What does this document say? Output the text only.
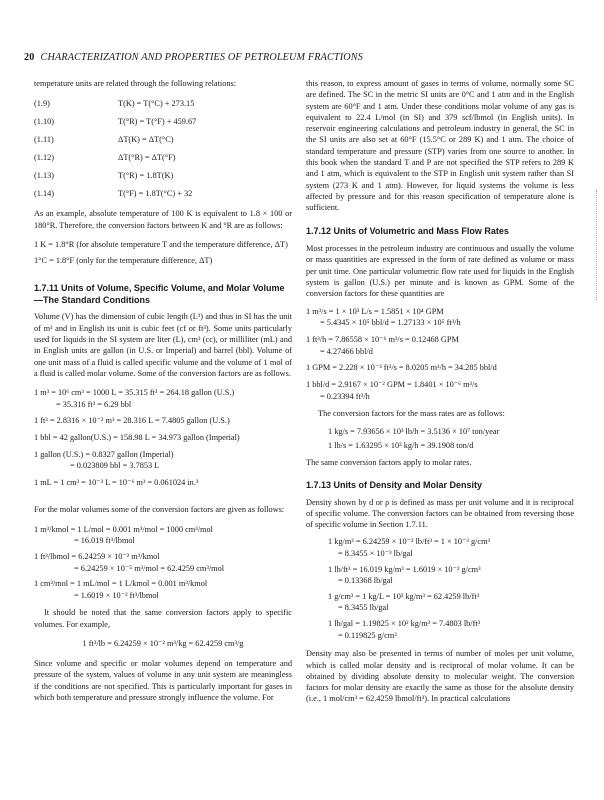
20 CHARACTERIZATION AND PROPERTIES OF PETROLEUM FRACTIONS

temperature units are related through the following relations:

(1.9)	T(K) = T(°C) + 273.15
(1.10)	T(°R) = T(°F) + 459.67
(1.11)	ΔT(K) = ΔT(°C)
(1.12)	ΔT(°R) = ΔT(°F)
(1.13)	T(°R) = 1.8T(K)
(1.14)	T(°F) = 1.8T(°C) + 32

As an example, absolute temperature of 100 K is equivalent to 1.8 × 100 or 180°R. Therefore, the conversion factors between K and °R are as follows:

1 K = 1.8°R (for absolute temperature T and the temperature difference, ΔT)

1°C = 1.8°F (only for the temperature difference, ΔT)

1.7.11 Units of Volume, Specific Volume, and Molar Volume—The Standard Conditions

Volume (V) has the dimension of cubic length (L³) and thus in SI has the unit of m³ and in English its unit is cubic feet (cf or ft³). Some units particularly used for liquids in the SI system are liter (L), cm³ (cc), or milliliter (mL) and in English units are gallon (in U.S. or Imperial) and barrel (bbl). Volume of one unit mass of a fluid is called specific volume and the volume of 1 mol of a fluid is called molar volume. Some of the conversion factors are as follows.

1 m³ = 10⁶ cm³ = 1000 L = 35.315 ft³ = 264.18 gallon (U.S.)
= 35.316 ft³ = 6.29 bbl
1 ft³ = 2.8316 × 10⁻² m³ = 28.316 L = 7.4805 gallon (U.S.)
1 bbl = 42 gallon(U.S.) = 158.98 L = 34.973 gallon (Imperial)
1 gallon (U.S.) = 0.8327 gallon (Imperial)
= 0.023809 bbl = 3.7853 L
1 mL = 1 cm³ = 10⁻³ L = 10⁻⁶ m³ = 0.061024 in.³

For the molar volumes some of the conversion factors are given as follows:

1 m³/kmol = 1 L/mol = 0.001 m³/mol = 1000 cm³/mol
= 16.019 ft³/lbmol
1 ft³/lbmol = 6.24259 × 10⁻² m³/kmol
= 6.24259 × 10⁻⁵ m³/mol = 62.4259 cm³/mol
1 cm³/mol = 1 mL/mol = 1 L/kmol = 0.001 m³/kmol
= 1.6019 × 10⁻² ft³/lbmol

It should be noted that the same conversion factors apply to specific volumes. For example,

1 ft³/lb = 6.24259 × 10⁻² m³/kg = 62.4259 cm³/g

Since volume and specific or molar volumes depend on temperature and pressure of the system, values of volume in any unit system are meaningless if the conditions are not specified. This is particularly important for gases in which both temperature and pressure strongly influence the volume. For

this reason, to express amount of gases in terms of volume, normally some SC are defined. The SC in the metric SI units are 0°C and 1 atm and in the English system are 60°F and 1 atm. Under these conditions molar volume of any gas is equivalent to 22.4 L/mol (in SI) and 379 scf/lbmol (in English units). In reservoir engineering calculations and petroleum industry in general, the SC in the SI units are also set at 60°F (15.5°C or 289 K) and 1 atm. The choice of standard temperature and pressure (STP) varies from one source to another. In this book when the standard T and P are not specified the STP refers to 289 K and 1 atm, which is equivalent to the STP in English unit system rather than SI system (273 K and 1 atm). However, for liquid systems the volume is less affected by pressure and for this reason specification of temperature alone is sufficient.

1.7.12 Units of Volumetric and Mass Flow Rates

Most processes in the petroleum industry are continuous and usually the volume or mass quantities are expressed in the form of rate defined as volume or mass per unit time. One particular volumetric flow rate used for liquids in the English system is gallon (U.S.) per minute and is known as GPM. Some of the conversion factors for these quantities are

1 m³/s = 1 × 10³ L/s = 1.5851 × 10⁴ GPM
= 5.4345 × 10⁵ bbl/d = 1.27133 × 10⁵ ft³/h
1 ft³/h = 7.86558 × 10⁻⁶ m³/s = 0.12468 GPM
= 4.27466 bbl/d
1 GPM = 2.228 × 10⁻³ ft³/s = 8.0205 m³/h = 34.285 bbl/d
1 bbl/d = 2.9167 × 10⁻² GPM = 1.8401 × 10⁻⁶ m³/s
= 0.23394 ft³/h

The conversion factors for the mass rates are as follows:

1 kg/s = 7.93656 × 10³ lb/h = 3.5136 × 10⁷ ton/year
1 lb/s = 1.63295 × 10³ kg/h = 39.1908 ton/d

The same conversion factors apply to molar rates.

1.7.13 Units of Density and Molar Density

Density shown by d or ρ is defined as mass per unit volume and it is reciprocal of specific volume. The conversion factors can be obtained from reversing those of specific volume in Section 1.7.11.

1 kg/m³ = 6.24259 × 10⁻² lb/ft³ = 1 × 10⁻³ g/cm³
= 8.3455 × 10⁻³ lb/gal
1 lb/ft³ = 16.019 kg/m³ = 1.6019 × 10⁻² g/cm³
= 0.13368 lb/gal
1 g/cm³ = 1 kg/L = 10³ kg/m³ = 62.4259 lb/ft³
= 8.3455 lb/gal
1 lb/gal = 1.19825 × 10² kg/m³ = 7.4803 lb/ft³
= 0.119825 g/cm³

Density may also be presented in terms of number of moles per unit volume, which is called molar density and is reciprocal of molar volume. It can be obtained by dividing absolute density to molecular weight. The conversion factors for molar density are exactly the same as those for the absolute density (i.e., 1 mol/cm³ = 62.4259 lbmol/ft³). In practical calculations
